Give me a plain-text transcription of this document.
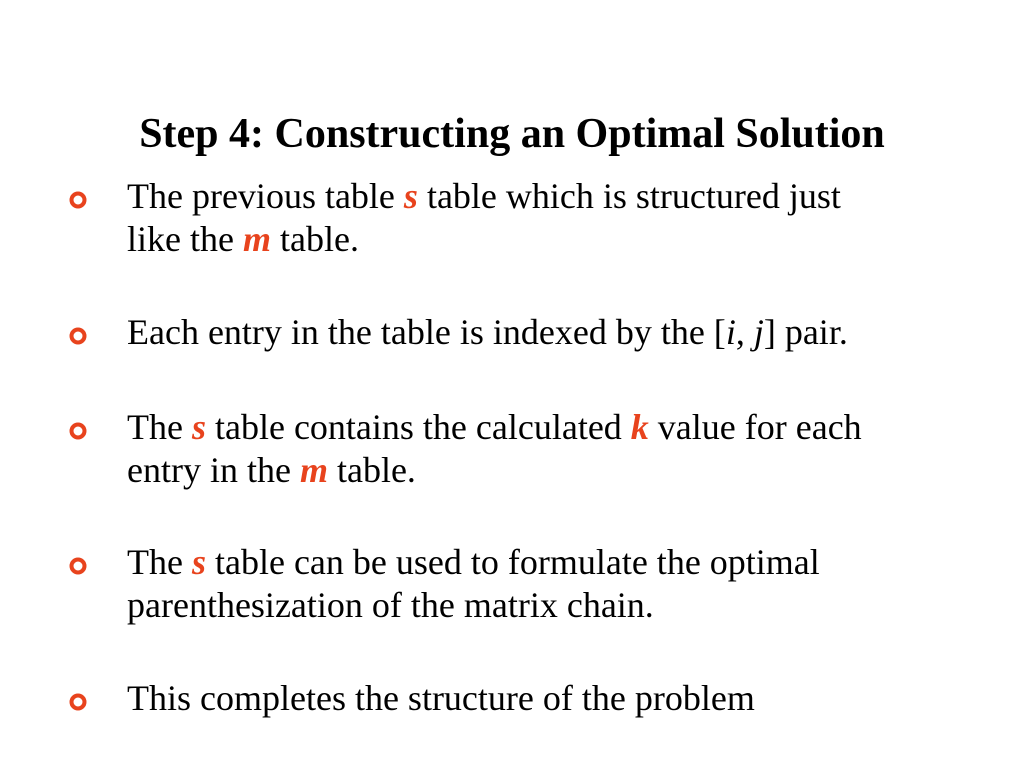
Step 4: Constructing an Optimal Solution
The previous table s table which is structured just
like the m table.
Each entry in the table is indexed by the [i, j] pair.
The s table contains the calculated k value for each
entry in the m table.
The s table can be used to formulate the optimal
parenthesization of the matrix chain.
This completes the structure of the problem
